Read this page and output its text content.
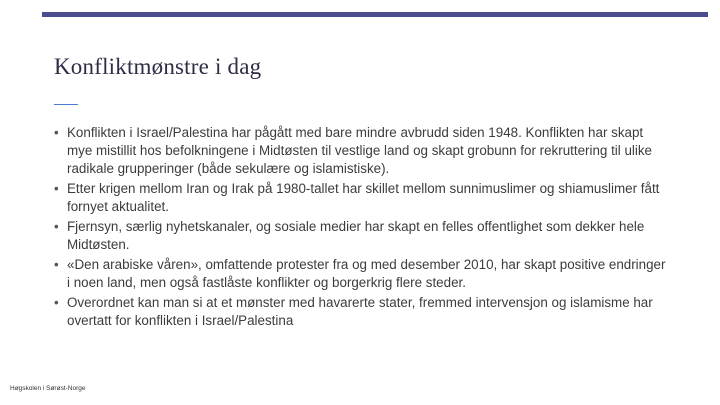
Konfliktmønstre i dag
• Konflikten i Israel/Palestina har pågått med bare mindre avbrudd siden 1948. Konflikten har skapt mye mistillit hos befolkningene i Midtøsten til vestlige land og skapt grobunn for rekruttering til ulike radikale grupperinger (både sekulære og islamistiske).
• Etter krigen mellom Iran og Irak på 1980-tallet har skillet mellom sunnimuslimer og shiamuslimer fått fornyet aktualitet.
• Fjernsyn, særlig nyhetskanaler, og sosiale medier har skapt en felles offentlighet som dekker hele Midtøsten.
• «Den arabiske våren», omfattende protester fra og med desember 2010, har skapt positive endringer i noen land, men også fastlåste konflikter og borgerkrig flere steder.
• Overordnet kan man si at et mønster med havarerte stater, fremmed intervensjon og islamisme har overtatt for konflikten i Israel/Palestina
Høgskolen i Sørøst-Norge
